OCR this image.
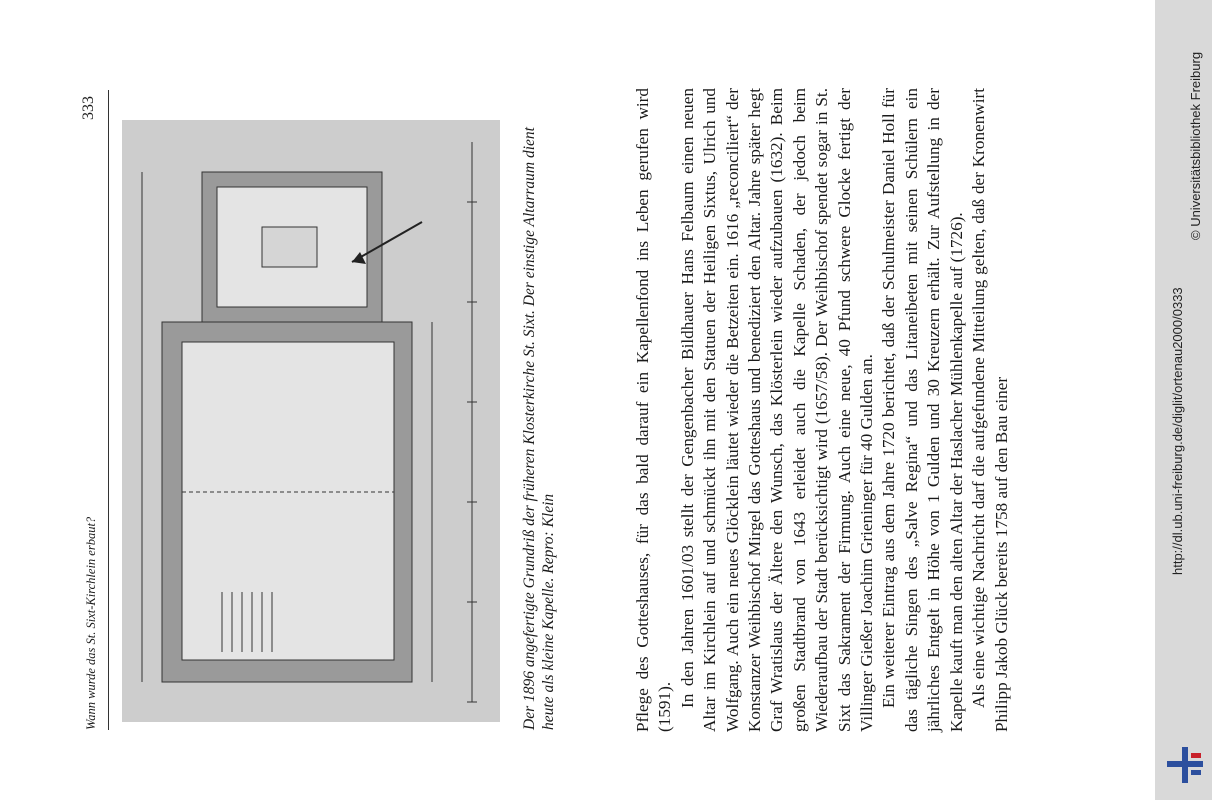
Wann wurde das St. Sixt-Kirchlein erbaut?
333
Der 1896 angefertigte Grundriß der früheren Klosterkirche St. Sixt. Der einstige Altarraum dient heute als kleine Kapelle. Repro: Klein	Pflege des Gotteshauses, für das bald darauf ein Kapellenfond ins Leben gerufen wird (1591). In den Jahren 1601/03 stellt der Gengenbacher Bildhauer Hans Felbaum einen neuen Altar im Kirchlein auf und schmückt ihn mit den Statuen der Heiligen Sixtus, Ulrich und Wolfgang. Auch ein neues Glöcklein läutet wieder die Betzeiten ein. 1616 „reconciliert“ der Konstanzer Weihbischof Mirgel das Gotteshaus und benediziert den Altar. Jahre später hegt Graf Wratislaus der Ältere den Wunsch, das Klösterlein wieder aufzubauen (1632). Beim großen Stadtbrand von 1643 erleidet auch die Kapelle Schaden, der jedoch beim Wiederaufbau der Stadt berücksichtigt wird (1657/58). Der Weihbischof spendet sogar in St. Sixt das Sakrament der Firmung. Auch eine neue, 40 Pfund schwere Glocke fertigt der Villinger Gießer Joachim Grieninger für 40 Gulden an. Ein weiterer Eintrag aus dem Jahre 1720 berichtet, daß der Schulmeister Daniel Holl für das tägliche Singen des „Salve Regina“ und das Litaneibeten mit seinen Schülern ein jährliches Entgelt in Höhe von 1 Gulden und 30 Kreuzern erhält. Zur Aufstellung in der Kapelle kauft man den alten Altar der Haslacher Mühlenkapelle auf (1726). Als eine wichtige Nachricht darf die aufgefundene Mitteilung gelten, daß der Kronenwirt Philipp Jakob Glück bereits 1758 auf den Bau einer	http://dl.ub.uni-freiburg.de/diglit/ortenau2000/0333
© Universitätsbibliothek Freiburg
